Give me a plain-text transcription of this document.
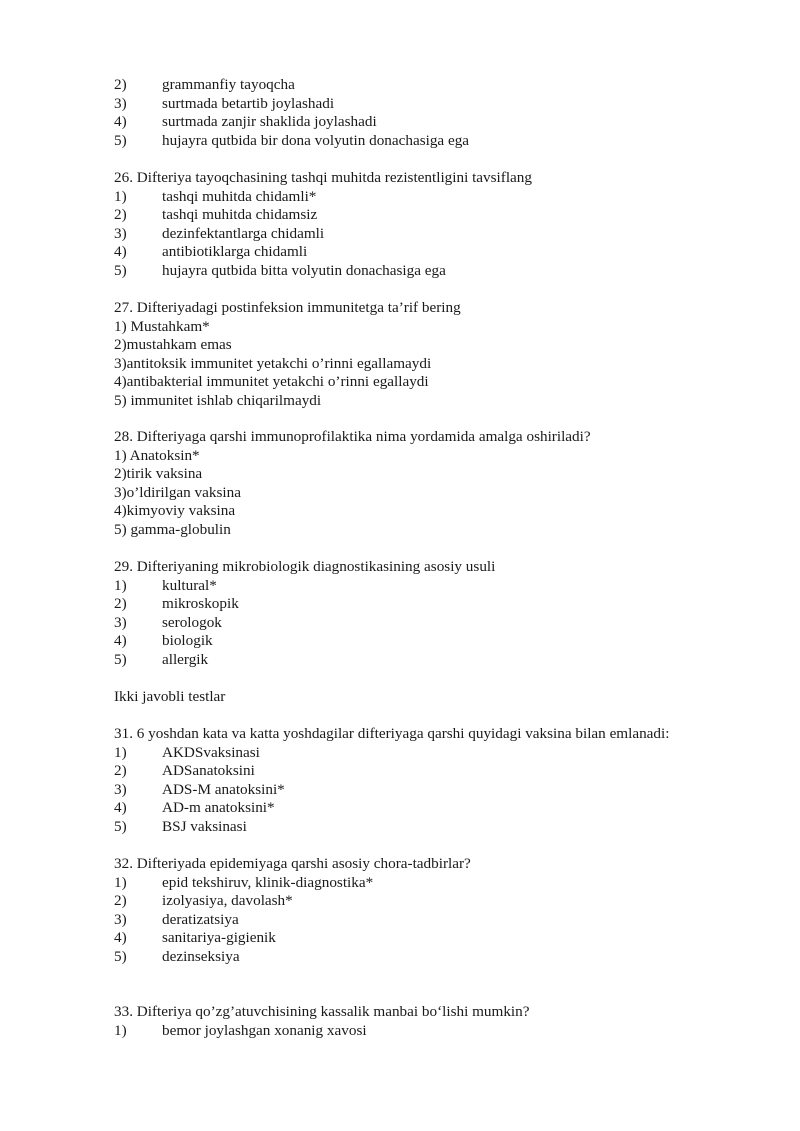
2) grammanfiy tayoqcha
3) surtmada betartib joylashadi
4) surtmada zanjir shaklida joylashadi
5) hujayra qutbida bir dona volyutin donachasiga ega
26. Difteriya tayoqchasining tashqi muhitda rezistentligini tavsiflang
1) tashqi muhitda chidamli*
2) tashqi muhitda chidamsiz
3) dezinfektantlarga chidamli
4) antibiotiklarga chidamli
5) hujayra qutbida bitta volyutin donachasiga ega
27. Difteriyadagi postinfeksion immunitetga ta’rif bering
1) Mustahkam*
2)mustahkam emas
3)antitoksik immunitet yetakchi o’rinni egallamaydi
4)antibakterial immunitet yetakchi o’rinni egallaydi
5) immunitet ishlab chiqarilmaydi
28. Difteriyaga qarshi immunoprofilaktika nima yordamida amalga oshiriladi?
1) Anatoksin*
2)tirik vaksina
3)o’ldirilgan vaksina
4)kimyoviy vaksina
5) gamma-globulin
29. Difteriyaning mikrobiologik diagnostikasining asosiy usuli
1) kultural*
2) mikroskopik
3) serologok
4) biologik
5) allergik
Ikki javobli testlar
31. 6 yoshdan kata va katta yoshdagilar difteriyaga qarshi quyidagi vaksina bilan emlanadi:
1) AKDSvaksinasi
2) ADSanatoksini
3) ADS-M anatoksini*
4) AD-m anatoksini*
5) BSJ vaksinasi
32. Difteriyada epidemiyaga qarshi asosiy chora-tadbirlar?
1) epid tekshiruv, klinik-diagnostika*
2) izolyasiya, davolash*
3) deratizatsiya
4) sanitariya-gigienik
5) dezinseksiya
33. Difteriya qo’zg’atuvchisining kassalik manbai bo‘lishi mumkin?
1) bemor joylashgan xonanig xavosi
